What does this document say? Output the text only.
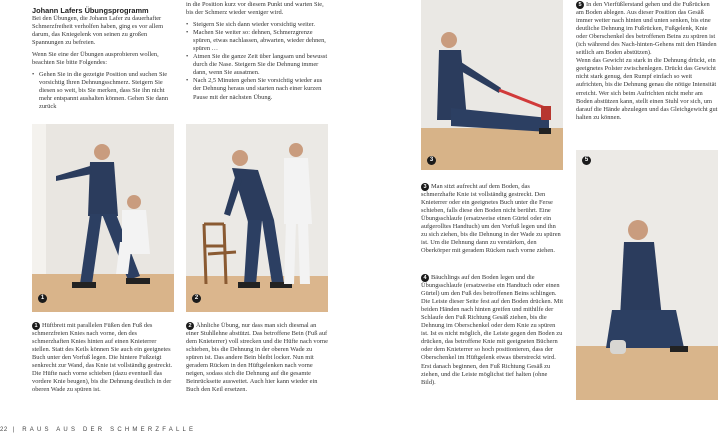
Johann Lafers Übungsprogramm

Bei den Übungen, die Johann Lafer zu dauerhafter Schmerzfreiheit verholfen haben, ging es vor allem darum, das Kniegelenk von seinen zu großen Spannungen zu befreien.

Wenn Sie eine der Übungen ausprobieren wollen, beachten Sie bitte Folgendes:

• Gehen Sie in die gezeigte Position und suchen Sie vorsichtig Ihren Dehnungsschmerz. Steigern Sie diesen so weit, bis Sie merken, dass Sie ihn nicht mehr entspannt aushalten können. Gehen Sie dann zurück

in die Position kurz vor diesem Punkt und warten Sie, bis der Schmerz wieder weniger wird.

• Steigern Sie sich dann wieder vorsichtig weiter.
• Machen Sie weiter so: dehnen, Schmerzgrenze spüren, etwas nachlassen, abwarten, wieder dehnen, spüren …
• Atmen Sie die ganze Zeit über langsam und bewusst durch die Nase. Steigern Sie die Dehnung immer dann, wenn Sie ausatmen.
• Nach 2,5 Minuten gehen Sie vorsichtig wieder aus der Dehnung heraus und starten nach einer kurzen Pause mit der nächsten Übung.
1	2
3	5

1 Hüftbreit mit parallelen Füßen den Fuß des schmerzfreien Knies nach vorne, den des schmerzhaften Knies hinten auf einen Knieterrer stellen. Statt des Keils können Sie auch ein geeignetes Buch unter den Vorfuß legen. Die hintere Fußzeigt senkrecht zur Wand, das Knie ist vollständig gestreckt. Die Hüfte nach vorne schieben (dazu eventuell das vordere Knie beugen), bis die Dehnung deutlich in der oberen Wade zu spüren ist.

2 Ähnliche Übung, nur dass man sich diesmal an einer Stuhllehne abstützt. Das betroffene Bein (Fuß auf dem Knieterrer) voll strecken und die Hüfte nach vorne schieben, bis die Dehnung in der oberen Wade zu spüren ist. Das andere Bein bleibt locker. Nun mit geradem Rücken in den Hüftgelenken nach vorne neigen, sodass sich die Dehnung auf die gesamte Beinrückseite ausweitet. Auch hier kann wieder ein Buch den Keil ersetzen.

3 Man sitzt aufrecht auf dem Boden, das schmerzhafte Knie ist vollständig gestreckt. Den Knieterrer oder ein geeignetes Buch unter die Ferse schieben, falls diese den Boden nicht berührt. Eine Übungsschlaufe (ersatzweise einen Gürtel oder ein aufgerolltes Handtuch) um den Vorfuß legen und ihn zu sich ziehen, bis die Dehnung in der Wade zu spüren ist. Um die Dehnung dann zu verstärken, den Oberkörper mit geradem Rücken nach vorne ziehen.

4 Bäuchlings auf den Boden legen und die Übungsschlaufe (ersatzweise ein Handtuch oder einen Gürtel) um den Fuß des betroffenen Beins schlingen. Die Leiste dieser Seite fest auf den Boden drücken. Mit beiden Händen nach hinten greifen und mithilfe der Schlaufe den Fuß Richtung Gesäß ziehen, bis die Dehnung im Oberschenkel oder dem Knie zu spüren ist. Ist es nicht möglich, die Leiste gegen den Boden zu drücken, das betroffene Knie mit geeigneten Büchern oder dem Knieterrer so hoch positionieren, dass der Oberschenkel im Hüftgelenk etwas überstreckt wird. Erst danach beginnen, den Fuß Richtung Gesäß zu ziehen, und die Leiste möglichst tief halten (ohne Bild).

5 In den Vierfüßlerstand gehen und die Fußrücken am Boden ablegen. Aus dieser Position das Gesäß immer weiter nach hinten und unten senken, bis eine deutliche Dehnung im Fußrücken, Fußgelenk, Knie oder Oberschenkel des betroffenen Beins zu spüren ist (ich während des Nach-hinten-Gehens mit den Händen seitlich am Boden abstützen).

Wenn das Gewicht zu stark in die Dehnung drückt, ein geeignetes Polster zwischenlegen. Drückt das Gewicht nicht stark genug, den Rumpf einfach so weit aufrichten, bis die Dehnung genau die nötige Intensität erreicht. Wer sich beim Aufrichten nicht mehr am Boden abstützen kann, stellt einen Stuhl vor sich, um darauf die Hände abzulegen und das Gleichgewicht gut halten zu können.

22 | RAUS AUS DER SCHMERZFALLE
